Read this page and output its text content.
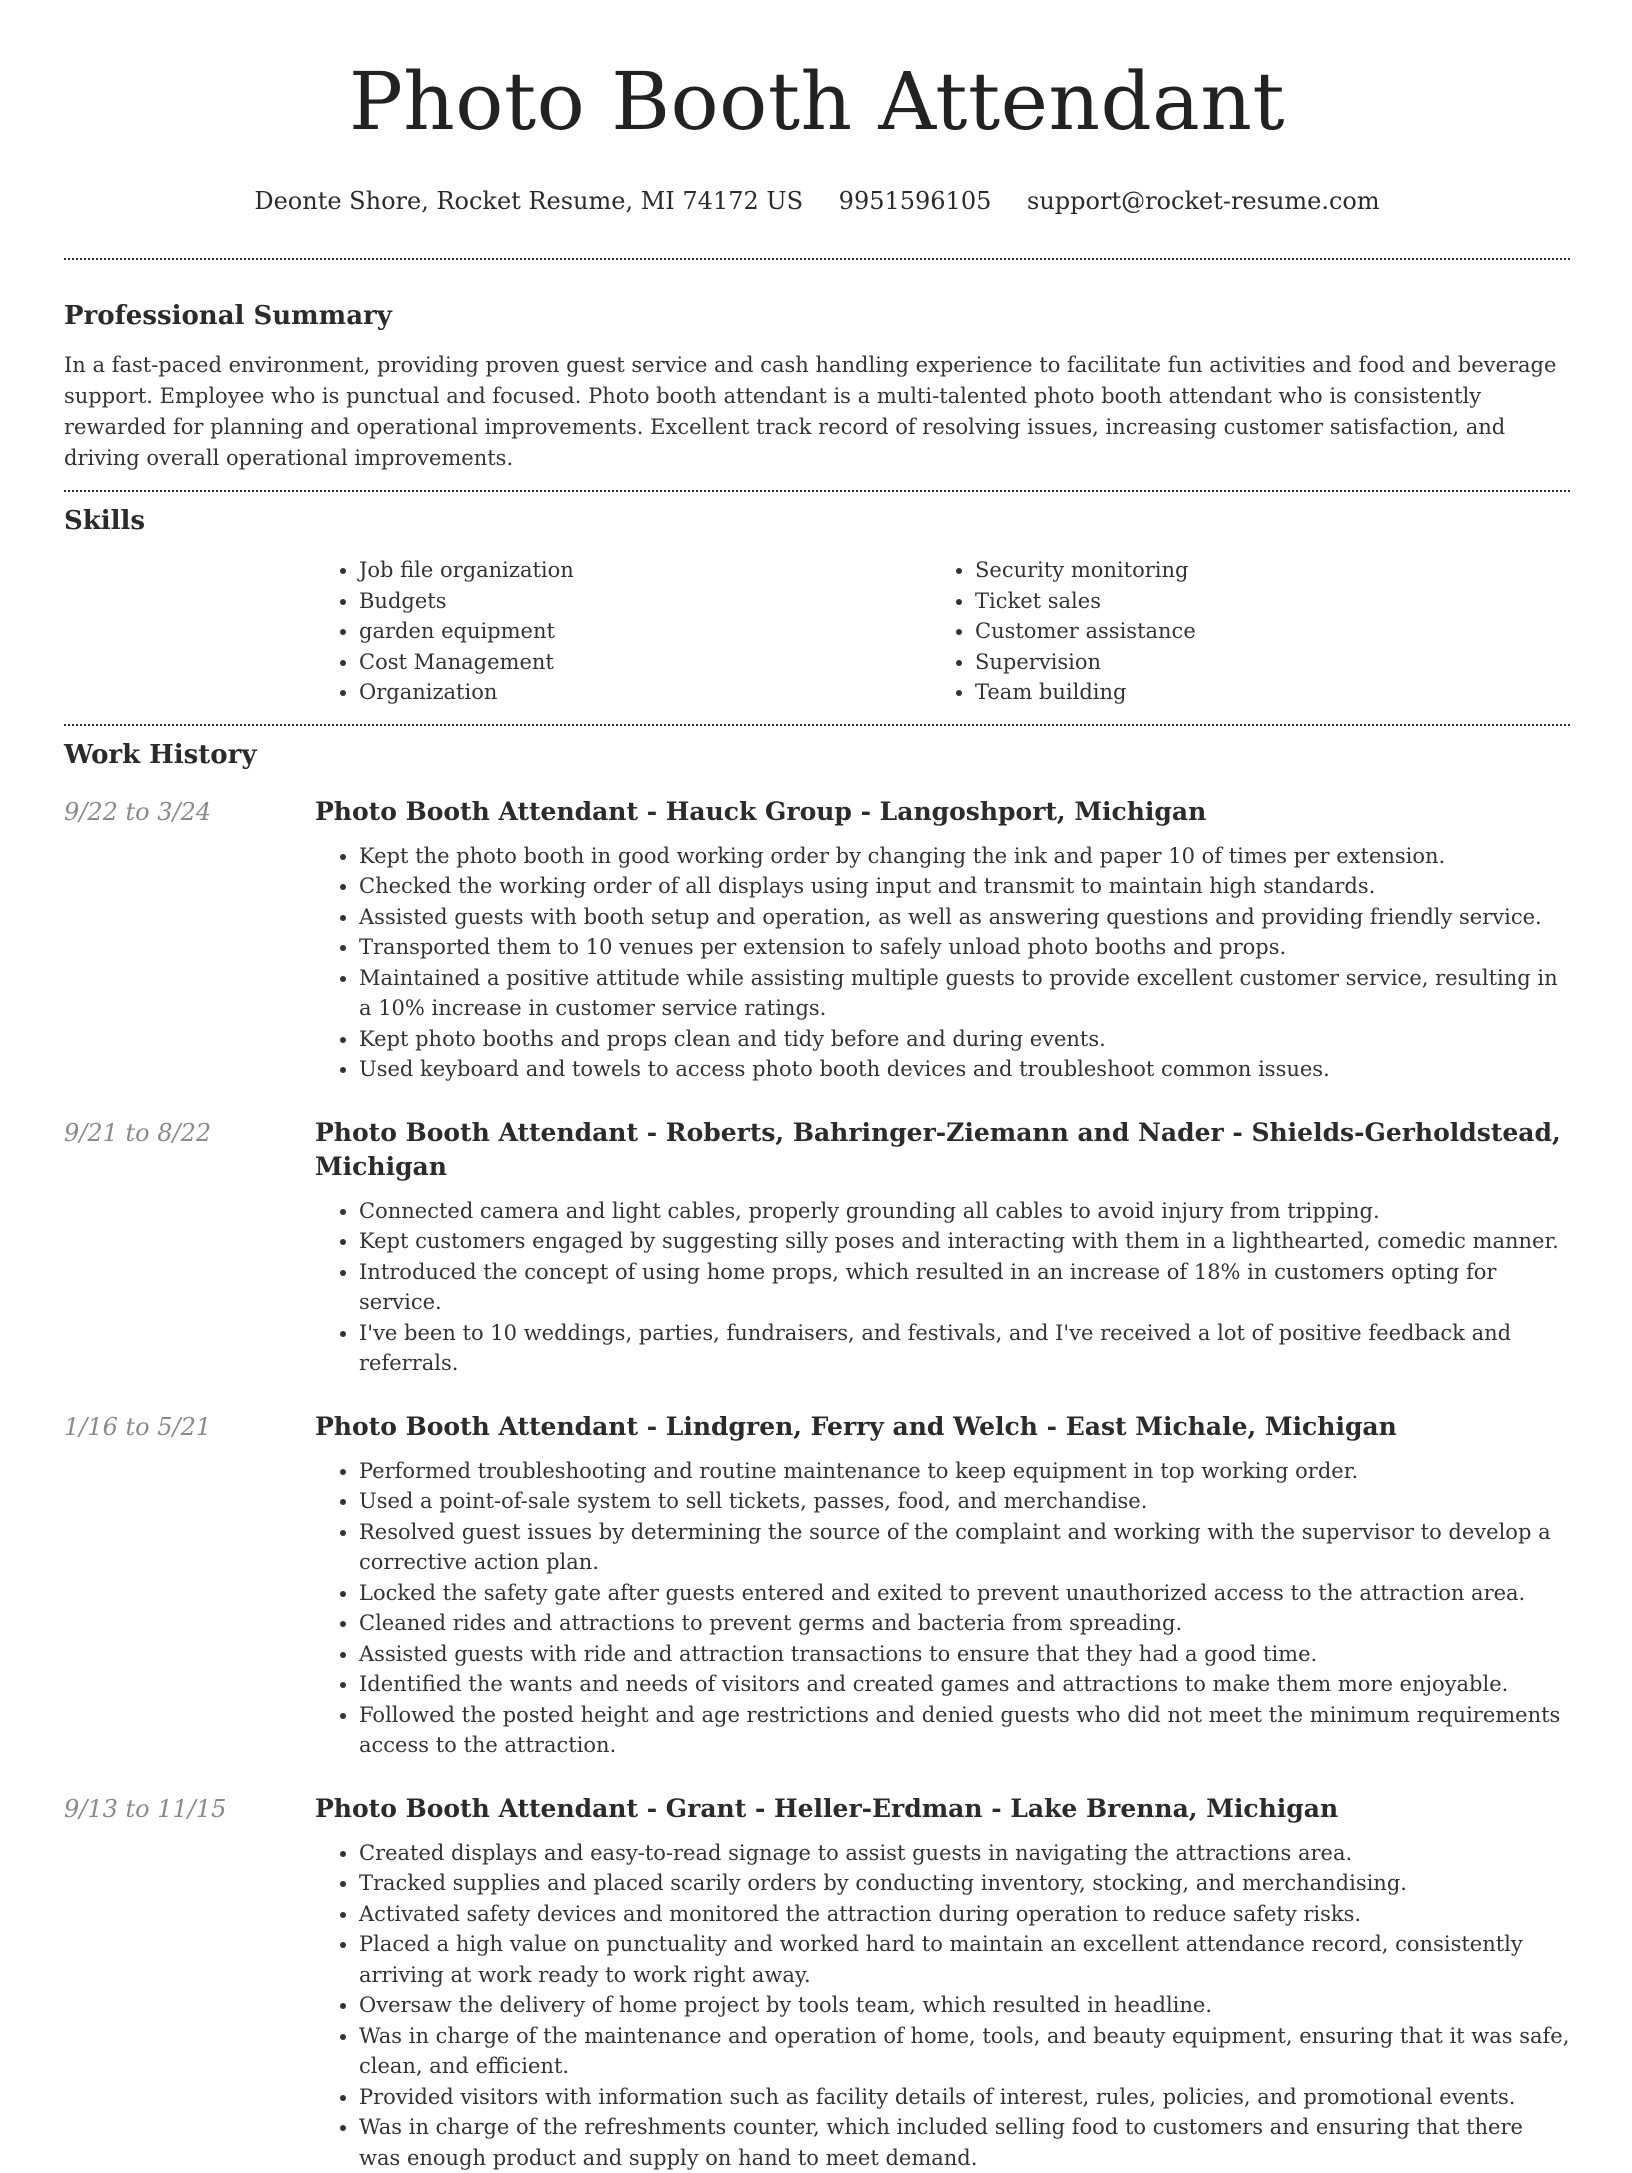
Photo Booth Attendant
Deonte Shore, Rocket Resume, MI 74172 US 9951596105 support@rocket-resume.com
Professional Summary

In a fast-paced environment, providing proven guest service and cash handling experience to facilitate fun activities and food and beverage support. Employee who is punctual and focused. Photo booth attendant is a multi-talented photo booth attendant who is consistently rewarded for planning and operational improvements. Excellent track record of resolving issues, increasing customer satisfaction, and driving overall operational improvements.

Skills
• Job file organization
• Budgets
• garden equipment
• Cost Management
• Organization
• Security monitoring
• Ticket sales
• Customer assistance
• Supervision
• Team building
Work History
9/22 to 3/24	Photo Booth Attendant - Hauck Group - Langoshport, Michigan
• Kept the photo booth in good working order by changing the ink and paper 10 of times per extension.
• Checked the working order of all displays using input and transmit to maintain high standards.
• Assisted guests with booth setup and operation, as well as answering questions and providing friendly service.
• Transported them to 10 venues per extension to safely unload photo booths and props.
• Maintained a positive attitude while assisting multiple guests to provide excellent customer service, resulting in a 10% increase in customer service ratings.
• Kept photo booths and props clean and tidy before and during events.
• Used keyboard and towels to access photo booth devices and troubleshoot common issues.
9/21 to 8/22	Photo Booth Attendant - Roberts, Bahringer-Ziemann and Nader - Shields-Gerholdstead, Michigan
• Connected camera and light cables, properly grounding all cables to avoid injury from tripping.
• Kept customers engaged by suggesting silly poses and interacting with them in a lighthearted, comedic manner.
• Introduced the concept of using home props, which resulted in an increase of 18% in customers opting for service.
• I've been to 10 weddings, parties, fundraisers, and festivals, and I've received a lot of positive feedback and referrals.
1/16 to 5/21	Photo Booth Attendant - Lindgren, Ferry and Welch - East Michale, Michigan
• Performed troubleshooting and routine maintenance to keep equipment in top working order.
• Used a point-of-sale system to sell tickets, passes, food, and merchandise.
• Resolved guest issues by determining the source of the complaint and working with the supervisor to develop a corrective action plan.
• Locked the safety gate after guests entered and exited to prevent unauthorized access to the attraction area.
• Cleaned rides and attractions to prevent germs and bacteria from spreading.
• Assisted guests with ride and attraction transactions to ensure that they had a good time.
• Identified the wants and needs of visitors and created games and attractions to make them more enjoyable.
• Followed the posted height and age restrictions and denied guests who did not meet the minimum requirements access to the attraction.
9/13 to 11/15	Photo Booth Attendant - Grant - Heller-Erdman - Lake Brenna, Michigan
• Created displays and easy-to-read signage to assist guests in navigating the attractions area.
• Tracked supplies and placed scarily orders by conducting inventory, stocking, and merchandising.
• Activated safety devices and monitored the attraction during operation to reduce safety risks.
• Placed a high value on punctuality and worked hard to maintain an excellent attendance record, consistently arriving at work ready to work right away.
• Oversaw the delivery of home project by tools team, which resulted in headline.
• Was in charge of the maintenance and operation of home, tools, and beauty equipment, ensuring that it was safe, clean, and efficient.
• Provided visitors with information such as facility details of interest, rules, policies, and promotional events.
• Was in charge of the refreshments counter, which included selling food to customers and ensuring that there was enough product and supply on hand to meet demand.
